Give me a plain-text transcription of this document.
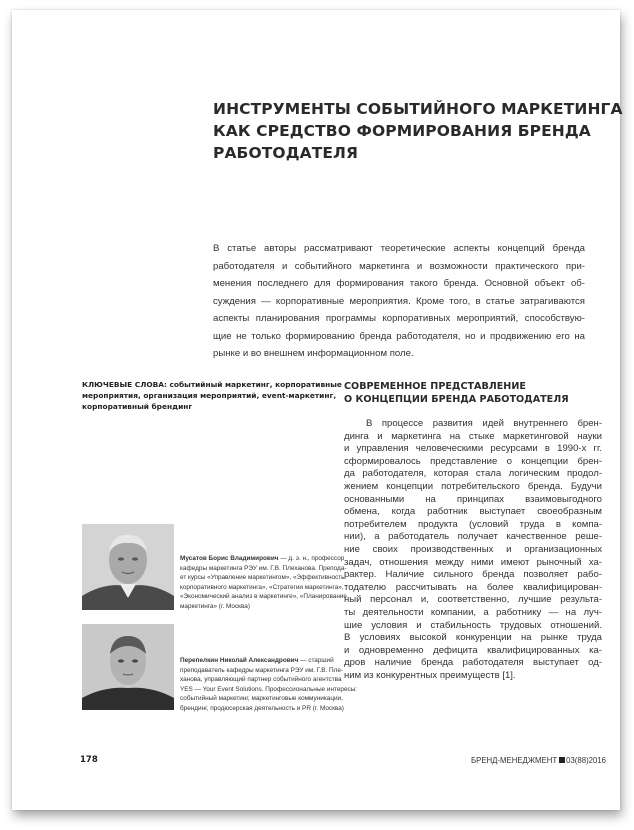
ИНСТРУМЕНТЫ СОБЫТИЙНОГО МАРКЕТИНГА
КАК СРЕДСТВО ФОРМИРОВАНИЯ БРЕНДА
РАБОТОДАТЕЛЯ
В статье авторы рассматривают теоретические аспекты концепций бренда
работодателя и событийного маркетинга и возможности практического при-
менения последнего для формирования такого бренда. Основной объект об-
суждения — корпоративные мероприятия. Кроме того, в статье затрагиваются
аспекты планирования программы корпоративных мероприятий, способствую-
щие не только формированию бренда работодателя, но и продвижению его на
рынке и во внешнем информационном поле.
КЛЮЧЕВЫЕ СЛОВА: событийный маркетинг, корпоративные
мероприятия, организация мероприятий, event-маркетинг,
корпоративный брендинг
СОВРЕМЕННОЕ ПРЕДСТАВЛЕНИЕ
О КОНЦЕПЦИИ БРЕНДА РАБОТОДАТЕЛЯ
В процессе развития идей внутреннего брен-
динга и маркетинга на стыке маркетинговой науки
и управления человеческими ресурсами в 1990-х гг.
сформировалось представление о концепции брен-
да работодателя, которая стала логическим продол-
жением концепции потребительского бренда. Будучи
основанными на принципах взаимовыгодного
обмена, когда работник выступает своеобразным
потребителем продукта (условий труда в компа-
нии), а работодатель получает качественное реше-
ние своих производственных и организационных
задач, отношения между ними имеют рыночный ха-
рактер. Наличие сильного бренда позволяет рабо-
тодателю рассчитывать на более квалифицирован-
ный персонал и, соответственно, лучшие результа-
ты деятельности компании, а работнику — на луч-
шие условия и стабильность трудовых отношений.
В условиях высокой конкуренции на рынке труда
и одновременно дефицита квалифицированных ка-
дров наличие бренда работодателя выступает од-
ним из конкурентных преимуществ [1].
Мусатов Борис Владимирович — д. э. н., профессор
кафедры маркетинга РЭУ им. Г.В. Плеханова. Препода-
ет курсы «Управление маркетингом», «Эффективность
корпоративного маркетинга», «Стратегии маркетинга»,
«Экономический анализ в маркетинге», «Планирование
маркетинга» (г. Москва)
Перепелкин Николай Александрович — старший
преподаватель кафедры маркетинга РЭУ им. Г.В. Пле-
ханова, управляющий партнер событийного агентства
YES — Your Event Solutions. Профессиональные интересы:
событийный маркетинг, маркетинговые коммуникации,
брендинг, продюсерская деятельность и PR (г. Москва)
178	БРЕНД-МЕНЕДЖМЕНТ 03(88)2016
